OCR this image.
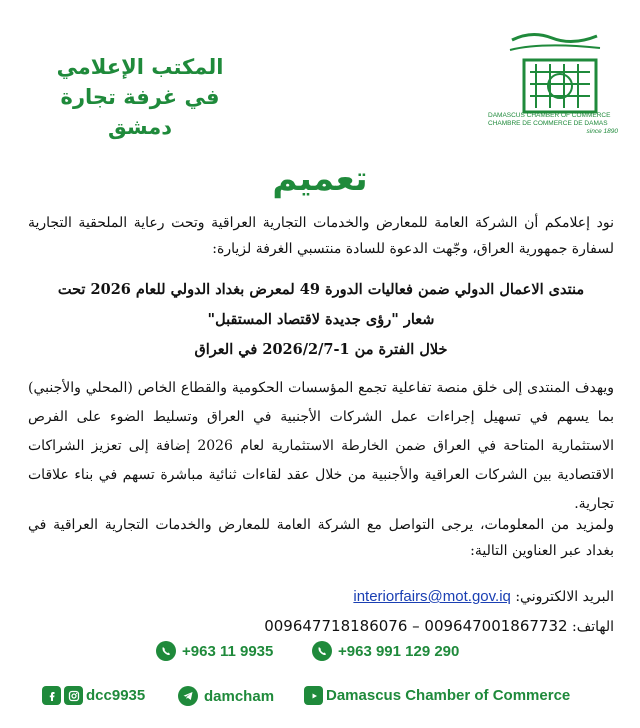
المكتب الإعلامي
في غرفة تجارة دمشق	DAMASCUS CHAMBER OF COMMERCE
CHAMBRE DE COMMERCE DE DAMAS
since 1890
تعميم
نود إعلامكم أن الشركة العامة للمعارض والخدمات التجارية العراقية وتحت رعاية الملحقية التجارية لسفارة جمهورية العراق، وجّهت الدعوة للسادة منتسبي الغرفة لزيارة:
منتدى الاعمال الدولي ضمن فعاليات الدورة 49 لمعرض بغداد الدولي للعام 2026 تحت
شعار "رؤى جديدة لاقتصاد المستقبل"
خلال الفترة من 1-2026/2/7 في العراق
ويهدف المنتدى إلى خلق منصة تفاعلية تجمع المؤسسات الحكومية والقطاع الخاص (المحلي والأجنبي) بما يسهم في تسهيل إجراءات عمل الشركات الأجنبية في العراق وتسليط الضوء على الفرص الاستثمارية المتاحة في العراق ضمن الخارطة الاستثمارية لعام 2026 إضافة إلى تعزيز الشراكات الاقتصادية بين الشركات العراقية والأجنبية من خلال عقد لقاءات ثنائية مباشرة تسهم في بناء علاقات تجارية.
ولمزيد من المعلومات، يرجى التواصل مع الشركة العامة للمعارض والخدمات التجارية العراقية في بغداد عبر العناوين التالية:
البريد الالكتروني: interiorfairs@mot.gov.iq
الهاتف: 009647718186076 – 009647001867732
+963 11 9935	+963 991 129 290
dcc9935	damcham	Damascus Chamber of Commerce
